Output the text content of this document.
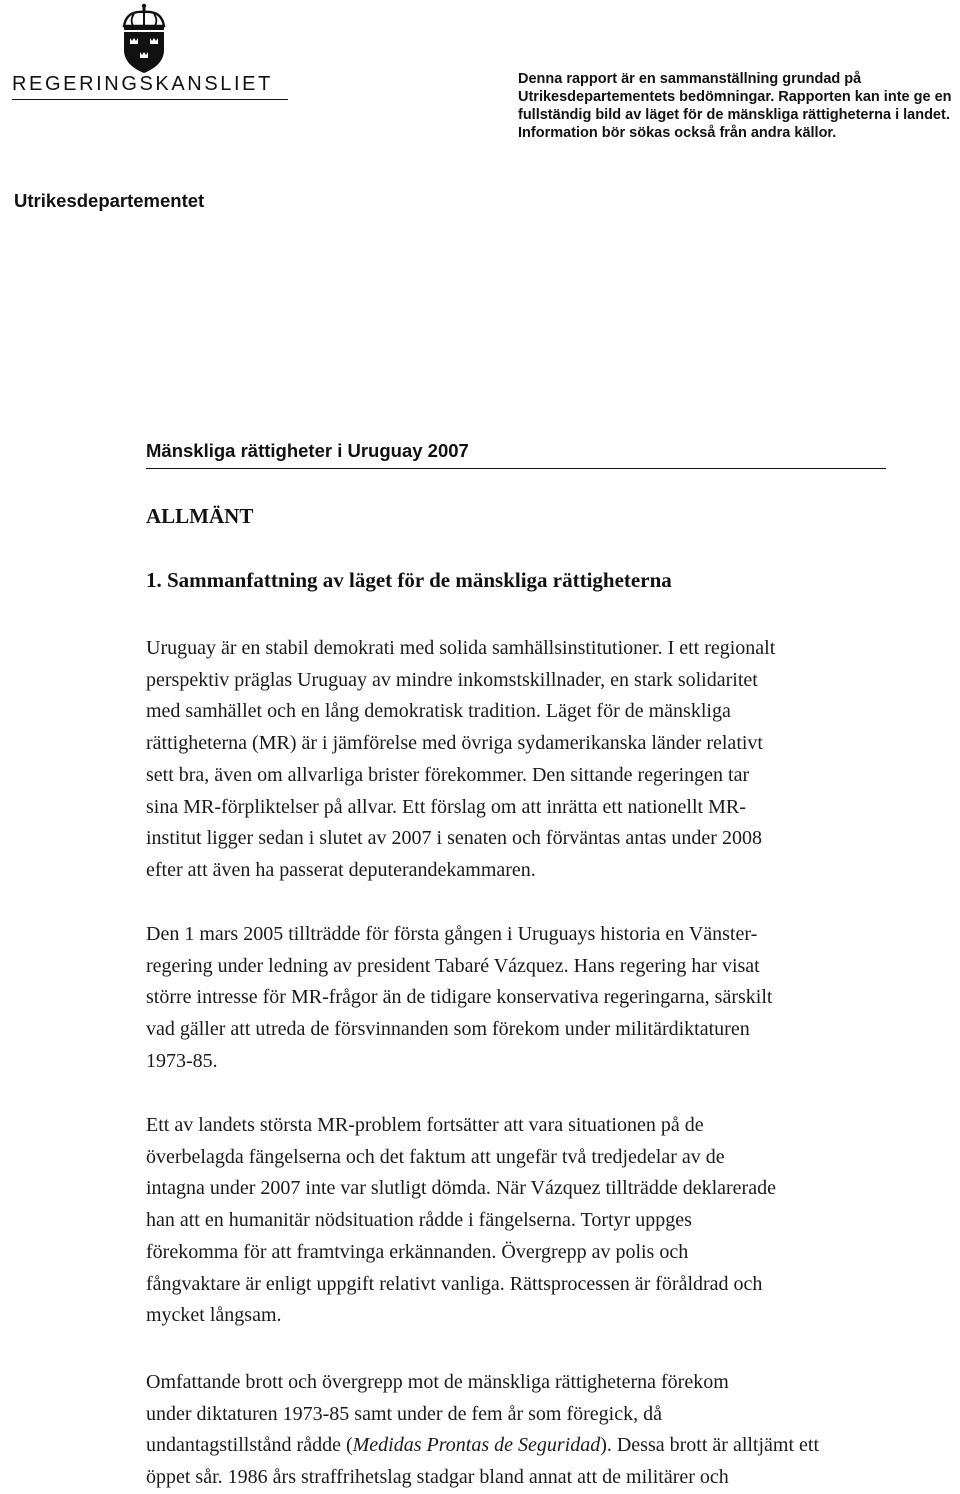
REGERINGSKANSLIET	Denna rapport är en sammanställning grundad på
Utrikesdepartementets bedömningar. Rapporten kan inte ge en
fullständig bild av läget för de mänskliga rättigheterna i landet.
Information bör sökas också från andra källor.

Utrikesdepartementet
Mänskliga rättigheter i Uruguay 2007
ALLMÄNT
1. Sammanfattning av läget för de mänskliga rättigheterna

Uruguay är en stabil demokrati med solida samhällsinstitutioner. I ett regionalt
perspektiv präglas Uruguay av mindre inkomstskillnader, en stark solidaritet
med samhället och en lång demokratisk tradition. Läget för de mänskliga
rättigheterna (MR) är i jämförelse med övriga sydamerikanska länder relativt
sett bra, även om allvarliga brister förekommer. Den sittande regeringen tar
sina MR-förpliktelser på allvar. Ett förslag om att inrätta ett nationellt MR-
institut ligger sedan i slutet av 2007 i senaten och förväntas antas under 2008
efter att även ha passerat deputerandekammaren.

Den 1 mars 2005 tillträdde för första gången i Uruguays historia en Vänster-
regering under ledning av president Tabaré Vázquez. Hans regering har visat
större intresse för MR-frågor än de tidigare konservativa regeringarna, särskilt
vad gäller att utreda de försvinnanden som förekom under militärdiktaturen
1973-85.

Ett av landets största MR-problem fortsätter att vara situationen på de
överbelagda fängelserna och det faktum att ungefär två tredjedelar av de
intagna under 2007 inte var slutligt dömda. När Vázquez tillträdde deklarerade
han att en humanitär nödsituation rådde i fängelserna. Tortyr uppges
förekomma för att framtvinga erkännanden. Övergrepp av polis och
fångvaktare är enligt uppgift relativt vanliga. Rättsprocessen är föråldrad och
mycket långsam.

Omfattande brott och övergrepp mot de mänskliga rättigheterna förekom
under diktaturen 1973-85 samt under de fem år som föregick, då
undantagstillstånd rådde (Medidas Prontas de Seguridad). Dessa brott är alltjämt ett
öppet sår. 1986 års straffrihetslag stadgar bland annat att de militärer och
